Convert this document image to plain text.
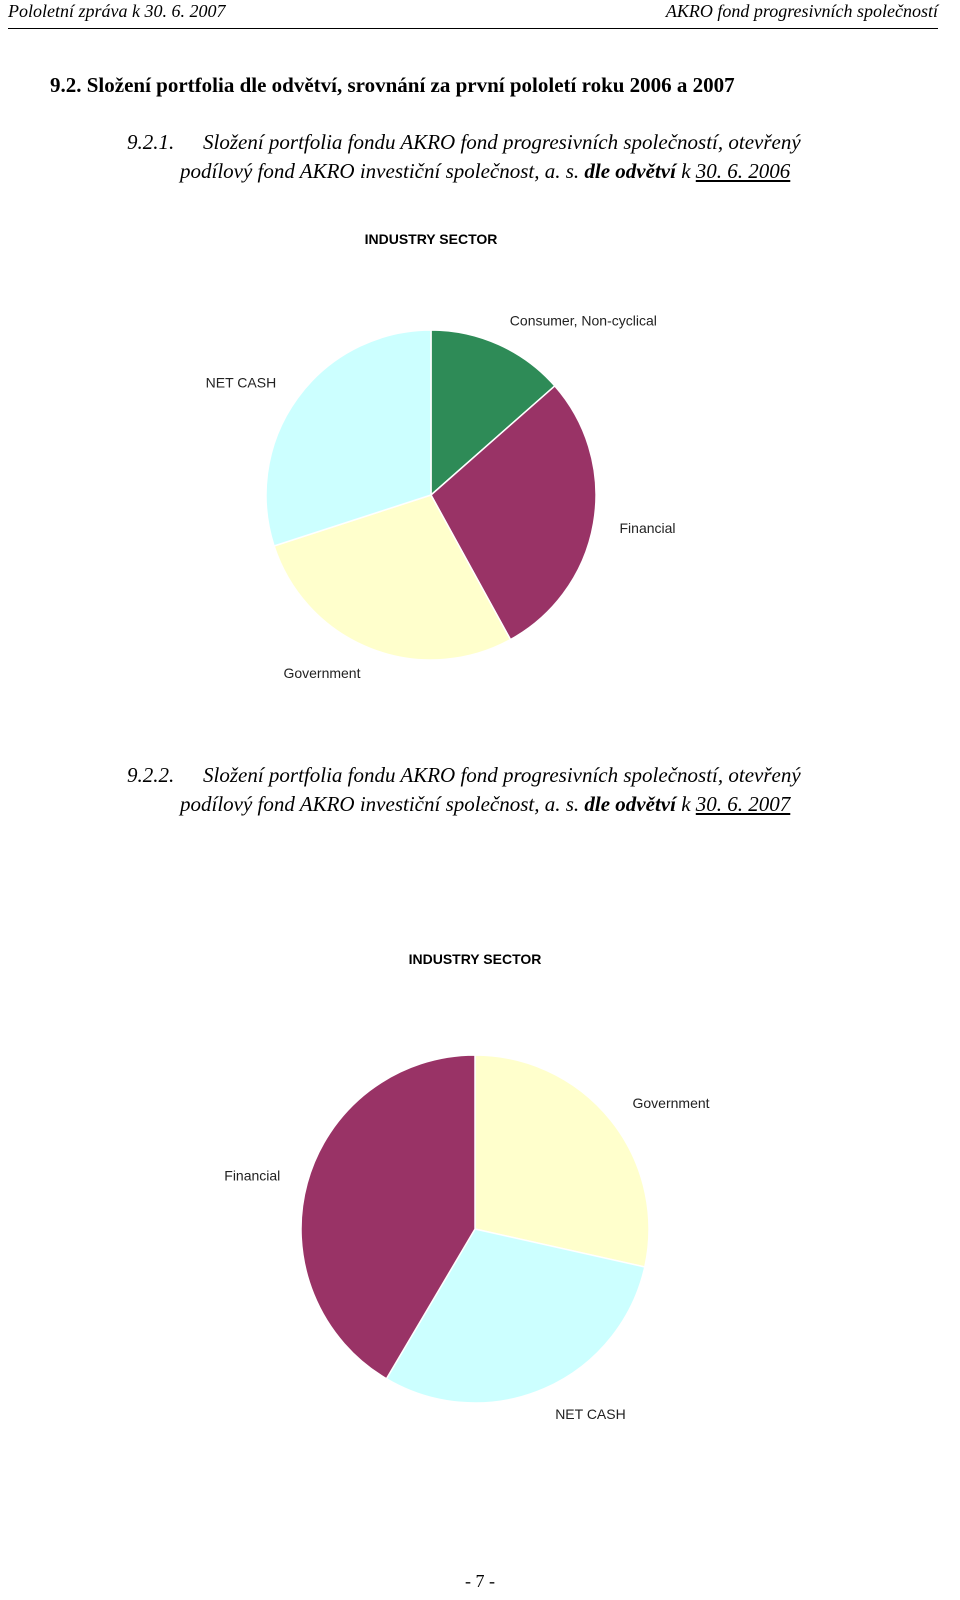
Pololetní zpráva k 30. 6. 2007	AKRO fond progresivních společností
9.2. Složení portfolia dle odvětví, srovnání za první pololetí roku 2006 a 2007
9.2.1. Složení portfolia fondu AKRO fond progresivních společností, otevřený
podílový fond AKRO investiční společnost, a. s. dle odvětví k 30. 6. 2006
INDUSTRY SECTOR
Consumer, Non-cyclical
Financial
Government
NET CASH
9.2.2. Složení portfolia fondu AKRO fond progresivních společností, otevřený
podílový fond AKRO investiční společnost, a. s. dle odvětví k 30. 6. 2007
INDUSTRY SECTOR
Government
NET CASH
Financial
- 7 -
